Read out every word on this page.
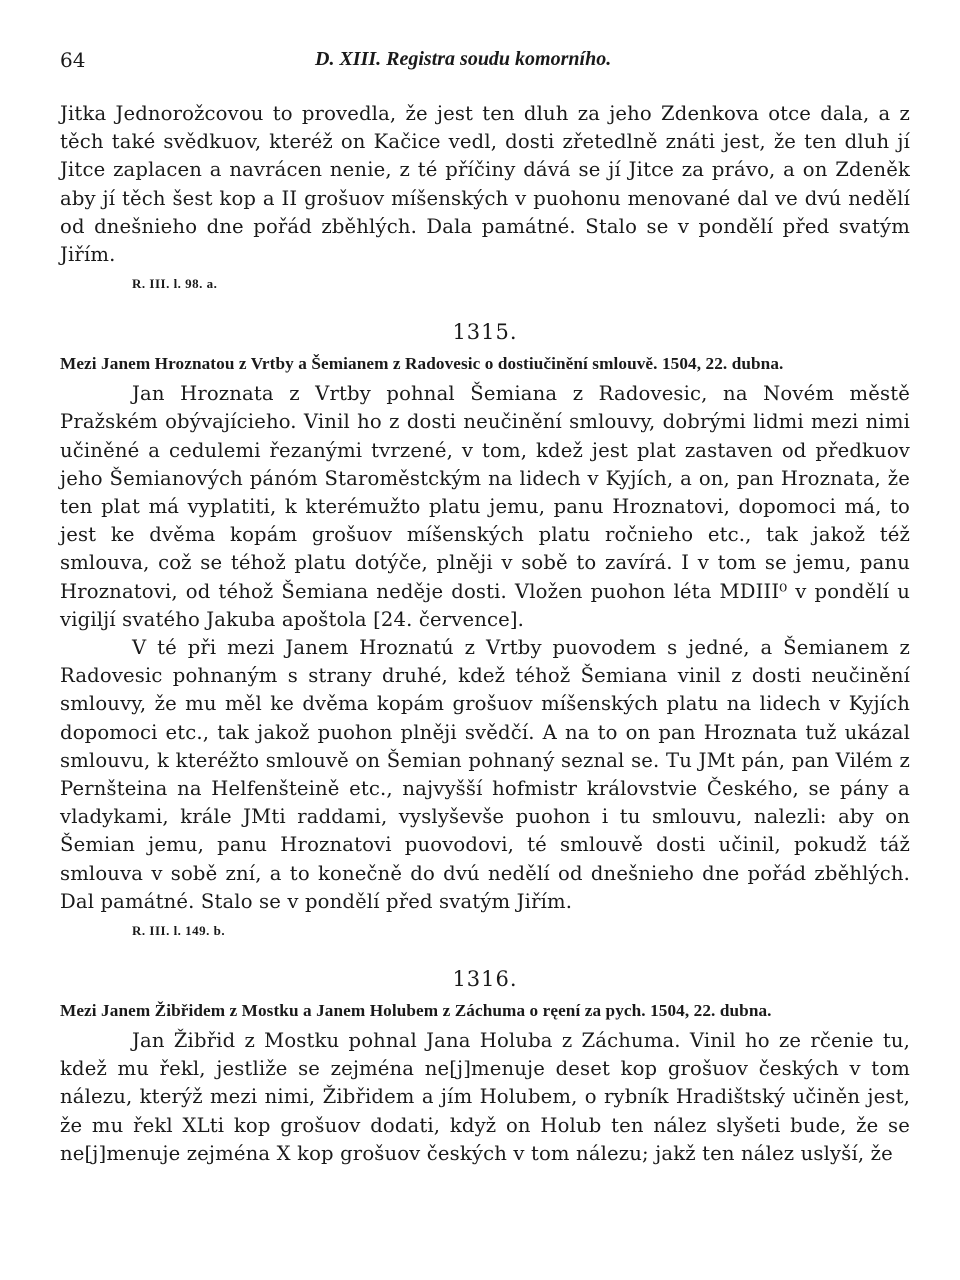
64	D. XIII. Registra soudu komorního.

Jitka Jednorožcovou to provedla, že jest ten dluh za jeho Zdenkova otce dala, a z těch také svědkuov, kteréž on Kačice vedl, dosti zřetedlně znáti jest, že ten dluh jí Jitce zaplacen a navrácen nenie, z té příčiny dává se jí Jitce za právo, a on Zdeněk aby jí těch šest kop a II grošuov míšenských v puohonu menované dal ve dvú nedělí od dnešnieho dne pořád zběhlých. Dala památné. Stalo se v pondělí před svatým Jiřím.

R. III. l. 98. a.
1315.
Mezi Janem Hroznatou z Vrtby a Šemianem z Radovesic o dostiučinění smlouvě. 1504, 22. dubna.

Jan Hroznata z Vrtby pohnal Šemiana z Radovesic, na Novém městě Pražském obývajícieho. Vinil ho z dosti neučinění smlouvy, dobrými lidmi mezi nimi učiněné a cedulemi řezanými tvrzené, v tom, kdež jest plat zastaven od předkuov jeho Šemianových pánóm Staroměstckým na lidech v Kyjích, a on, pan Hroznata, že ten plat má vyplatiti, k kterémužto platu jemu, panu Hroznatovi, dopomoci má, to jest ke dvěma kopám grošuov míšenských platu ročnieho etc., tak jakož též smlouva, což se téhož platu dotýče, plněji v sobě to zavírá. I v tom se jemu, panu Hroznatovi, od téhož Šemiana neděje dosti. Vložen puohon léta MDIII⁰ v pondělí u vigiljí svatého Jakuba apoštola [24. července].

V té při mezi Janem Hroznatú z Vrtby puovodem s jedné, a Šemianem z Radovesic pohnaným s strany druhé, kdež téhož Šemiana vinil z dosti neučinění smlouvy, že mu měl ke dvěma kopám grošuov míšenských platu na lidech v Kyjích dopomoci etc., tak jakož puohon plněji svědčí. A na to on pan Hroznata tuž ukázal smlouvu, k kteréžto smlouvě on Šemian pohnaný seznal se. Tu JMt pán, pan Vilém z Pernšteina na Helfenšteině etc., najvyšší hofmistr královstvie Českého, se pány a vladykami, krále JMti raddami, vyslyševše puohon i tu smlouvu, nalezli: aby on Šemian jemu, panu Hroznatovi puovodovi, té smlouvě dosti učinil, pokudž táž smlouva v sobě zní, a to konečně do dvú nedělí od dnešnieho dne pořád zběhlých. Dal památné. Stalo se v pondělí před svatým Jiřím.

R. III. l. 149. b.
1316.
Mezi Janem Žibřidem z Mostku a Janem Holubem z Záchuma o ręení za pych. 1504, 22. dubna.

Jan Žibřid z Mostku pohnal Jana Holuba z Záchuma. Vinil ho ze rčenie tu, kdež mu řekl, jestliže se zejména ne[j]menuje deset kop grošuov českých v tom nálezu, kterýž mezi nimi, Žibřidem a jím Holubem, o rybník Hradištský učiněn jest, že mu řekl XLti kop grošuov dodati, když on Holub ten nález slyšeti bude, že se ne[j]menuje zejména X kop grošuov českých v tom nálezu; jakž ten nález uslyší, že
